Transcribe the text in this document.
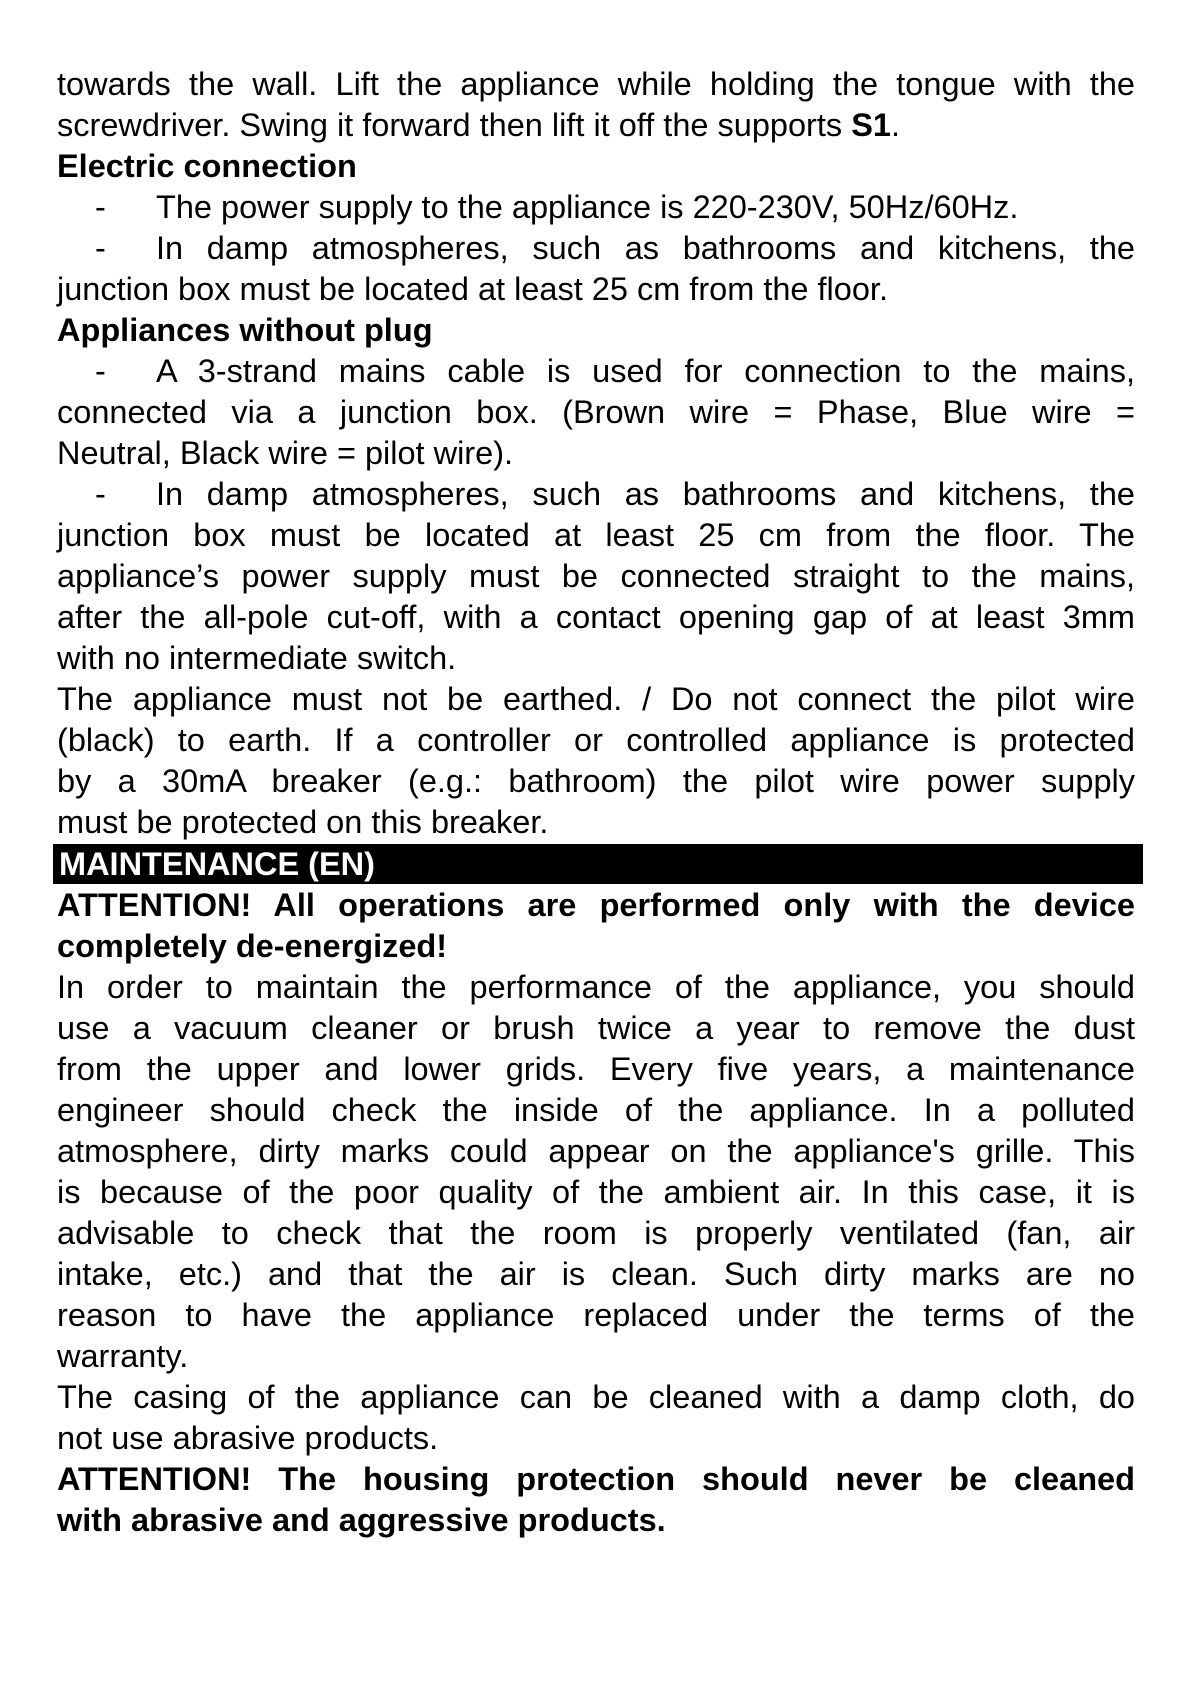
towards the wall. Lift the appliance while holding the tongue with the
screwdriver. Swing it forward then lift it off the supports S1.
Electric connection
- The power supply to the appliance is 220-230V, 50Hz/60Hz.
- In damp atmospheres, such as bathrooms and kitchens, the
junction box must be located at least 25 cm from the floor.
Appliances without plug
- A 3-strand mains cable is used for connection to the mains,
connected via a junction box. (Brown wire = Phase, Blue wire =
Neutral, Black wire = pilot wire).
- In damp atmospheres, such as bathrooms and kitchens, the
junction box must be located at least 25 cm from the floor. The
appliance’s power supply must be connected straight to the mains,
after the all-pole cut-off, with a contact opening gap of at least 3mm
with no intermediate switch.
The appliance must not be earthed. / Do not connect the pilot wire
(black) to earth. If a controller or controlled appliance is protected
by a 30mA breaker (e.g.: bathroom) the pilot wire power supply
must be protected on this breaker.
MAINTENANCE (EN)
ATTENTION! All operations are performed only with the device
completely de-energized!
In order to maintain the performance of the appliance, you should
use a vacuum cleaner or brush twice a year to remove the dust
from the upper and lower grids. Every five years, a maintenance
engineer should check the inside of the appliance. In a polluted
atmosphere, dirty marks could appear on the appliance's grille. This
is because of the poor quality of the ambient air. In this case, it is
advisable to check that the room is properly ventilated (fan, air
intake, etc.) and that the air is clean. Such dirty marks are no
reason to have the appliance replaced under the terms of the
warranty.
The casing of the appliance can be cleaned with a damp cloth, do
not use abrasive products.
ATTENTION! The housing protection should never be cleaned
with abrasive and aggressive products.
